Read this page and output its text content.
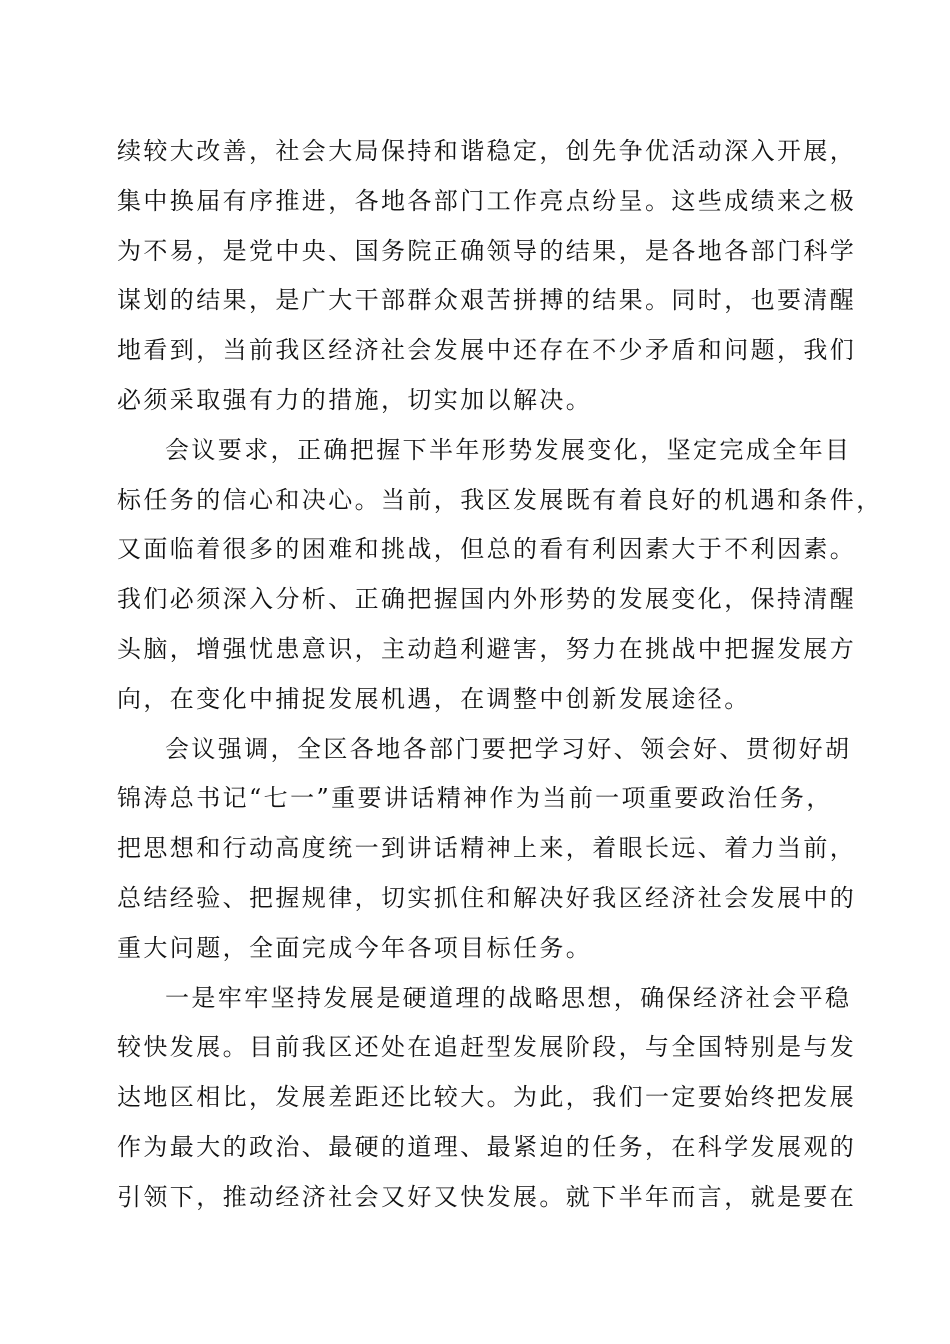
续较大改善，社会大局保持和谐稳定，创先争优活动深入开展，
集中换届有序推进，各地各部门工作亮点纷呈。这些成绩来之极
为不易，是党中央、国务院正确领导的结果，是各地各部门科学
谋划的结果，是广大干部群众艰苦拼搏的结果。同时，也要清醒
地看到，当前我区经济社会发展中还存在不少矛盾和问题，我们
必须采取强有力的措施，切实加以解决。
会议要求，正确把握下半年形势发展变化，坚定完成全年目
标任务的信心和决心。当前，我区发展既有着良好的机遇和条件，
又面临着很多的困难和挑战，但总的看有利因素大于不利因素。
我们必须深入分析、正确把握国内外形势的发展变化，保持清醒
头脑，增强忧患意识，主动趋利避害，努力在挑战中把握发展方
向，在变化中捕捉发展机遇，在调整中创新发展途径。
会议强调，全区各地各部门要把学习好、领会好、贯彻好胡
锦涛总书记“七一”重要讲话精神作为当前一项重要政治任务，
把思想和行动高度统一到讲话精神上来，着眼长远、着力当前，
总结经验、把握规律，切实抓住和解决好我区经济社会发展中的
重大问题，全面完成今年各项目标任务。
一是牢牢坚持发展是硬道理的战略思想，确保经济社会平稳
较快发展。目前我区还处在追赶型发展阶段，与全国特别是与发
达地区相比，发展差距还比较大。为此，我们一定要始终把发展
作为最大的政治、最硬的道理、最紧迫的任务，在科学发展观的
引领下，推动经济社会又好又快发展。就下半年而言，就是要在
